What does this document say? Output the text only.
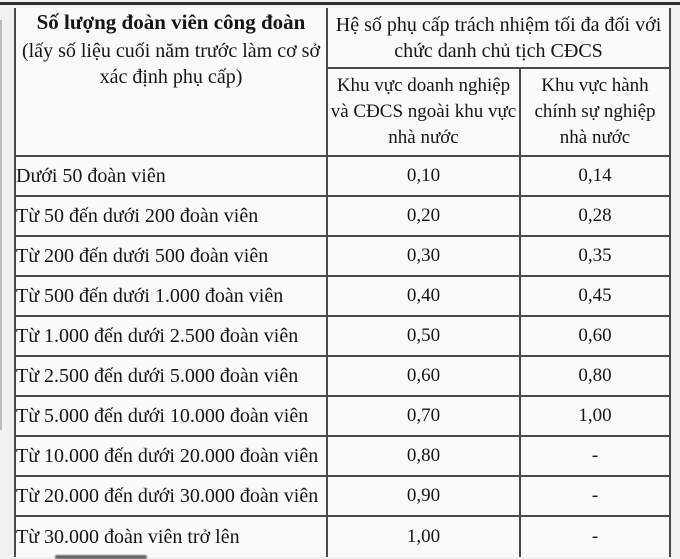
Số lượng đoàn viên công đoàn
(lấy số liệu cuối năm trước làm cơ sở xác định phụ cấp)	Hệ số phụ cấp trách nhiệm tối đa đối với chức danh chủ tịch CĐCS	
	Khu vực doanh nghiệp và CĐCS ngoài khu vực nhà nước	Khu vực hành chính sự nghiệp nhà nước
Dưới 50 đoàn viên	0,10	0,14
Từ 50 đến dưới 200 đoàn viên	0,20	0,28
Từ 200 đến dưới 500 đoàn viên	0,30	0,35
Từ 500 đến dưới 1.000 đoàn viên	0,40	0,45
Từ 1.000 đến dưới 2.500 đoàn viên	0,50	0,60
Từ 2.500 đến dưới 5.000 đoàn viên	0,60	0,80
Từ 5.000 đến dưới 10.000 đoàn viên	0,70	1,00
Từ 10.000 đến dưới 20.000 đoàn viên	0,80	-
Từ 20.000 đến dưới 30.000 đoàn viên	0,90	-
Từ 30.000 đoàn viên trở lên	1,00	-
